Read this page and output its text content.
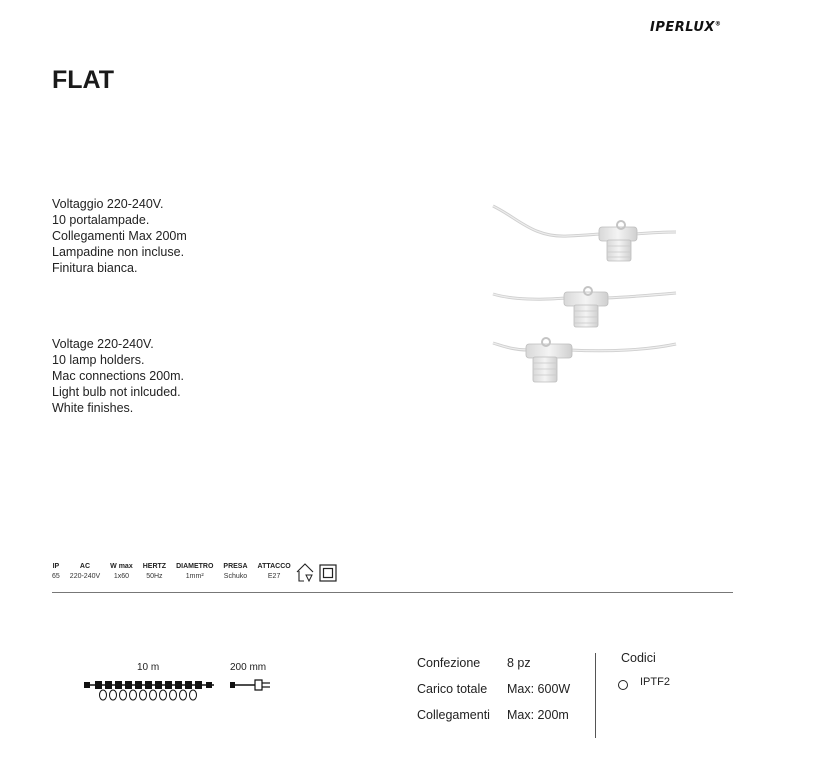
IPERLUX®
FLAT
Voltaggio 220-240V.
10 portalampade.
Collegamenti Max 200m
Lampadine non incluse.
Finitura bianca.
Voltage 220-240V.
10 lamp holders.
Mac connections 200m.
Light bulb not inlcuded.
White finishes.
IP
65
AC
220-240V
W max
1x60
HERTZ
50Hz
DIAMETRO
1mm²
PRESA
Schuko
ATTACCO
E27
10 m	200 mm	Confezione	8 pz
Carico totale	Max: 600W
Collegamenti	Max: 200m
Codici
IPTF2
